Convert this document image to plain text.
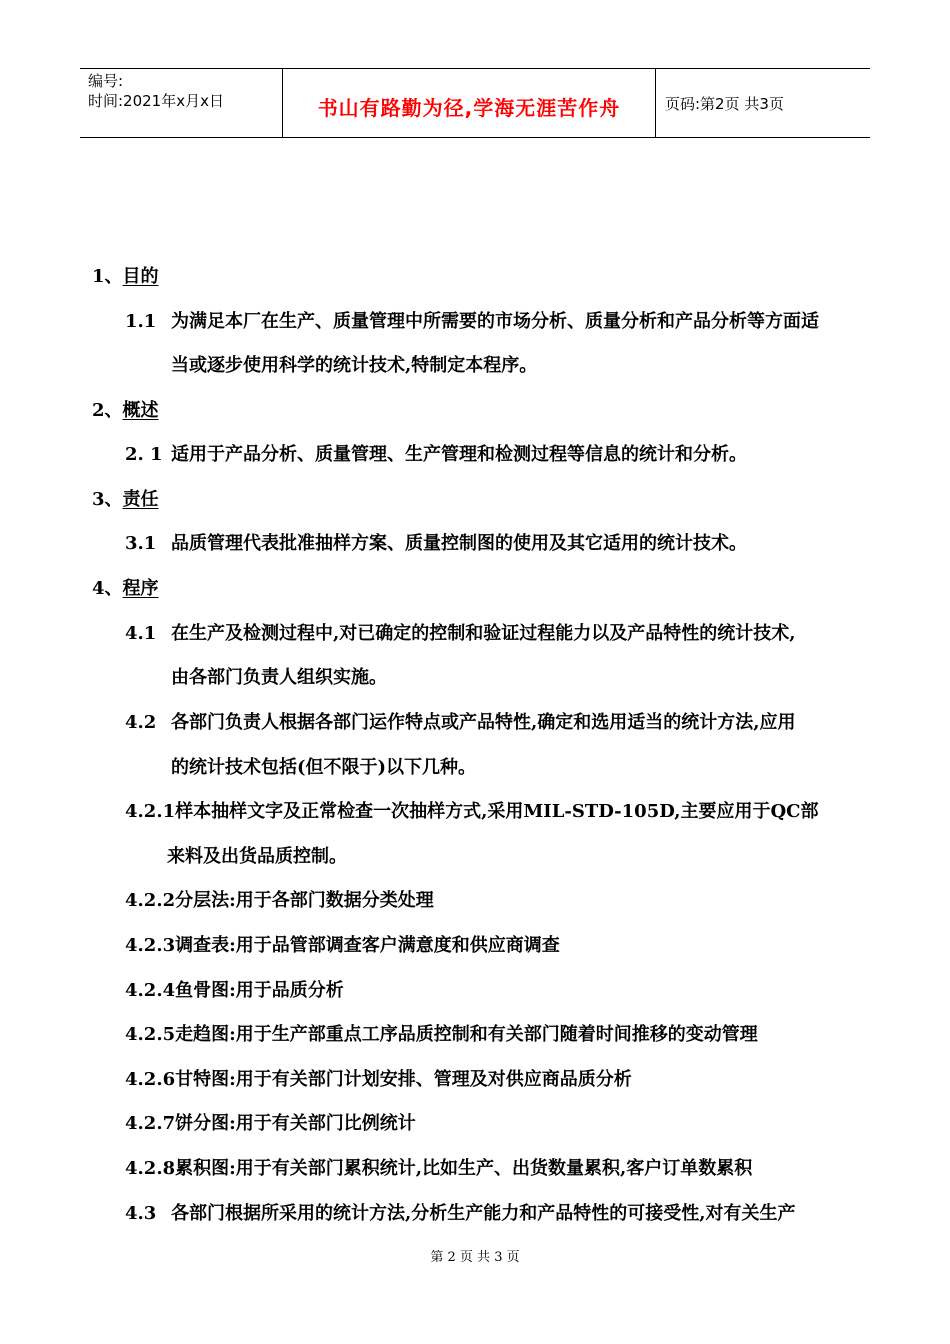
编号:
时间:2021年x月x日	书山有路勤为径,学海无涯苦作舟	页码:第2页 共3页
1、目的
1.1 为满足本厂在生产、质量管理中所需要的市场分析、质量分析和产品分析等方面适
当或逐步使用科学的统计技术,特制定本程序。
2、概述
2. 1 适用于产品分析、质量管理、生产管理和检测过程等信息的统计和分析。
3、责任
3.1 品质管理代表批准抽样方案、质量控制图的使用及其它适用的统计技术。
4、程序
4.1 在生产及检测过程中,对已确定的控制和验证过程能力以及产品特性的统计技术,
由各部门负责人组织实施。
4.2 各部门负责人根据各部门运作特点或产品特性,确定和选用适当的统计方法,应用
的统计技术包括(但不限于)以下几种。
4.2.1样本抽样文字及正常检查一次抽样方式,采用MIL-STD-105D,主要应用于QC部
来料及出货品质控制。
4.2.2分层法:用于各部门数据分类处理
4.2.3调查表:用于品管部调查客户满意度和供应商调查
4.2.4鱼骨图:用于品质分析
4.2.5走趋图:用于生产部重点工序品质控制和有关部门随着时间推移的变动管理
4.2.6甘特图:用于有关部门计划安排、管理及对供应商品质分析
4.2.7饼分图:用于有关部门比例统计
4.2.8累积图:用于有关部门累积统计,比如生产、出货数量累积,客户订单数累积
4.3 各部门根据所采用的统计方法,分析生产能力和产品特性的可接受性,对有关生产
第 2 页 共 3 页
